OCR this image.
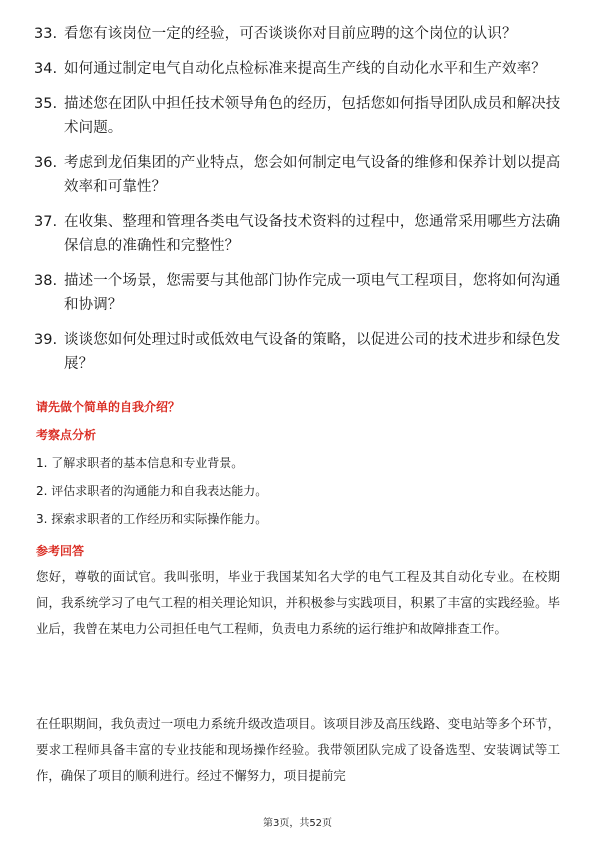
33. 看您有该岗位一定的经验，可否谈谈你对目前应聘的这个岗位的认识？
34. 如何通过制定电气自动化点检标准来提高生产线的自动化水平和生产效率？
35. 描述您在团队中担任技术领导角色的经历，包括您如何指导团队成员和解决技术问题。
36. 考虑到龙佰集团的产业特点，您会如何制定电气设备的维修和保养计划以提高效率和可靠性？
37. 在收集、整理和管理各类电气设备技术资料的过程中，您通常采用哪些方法确保信息的准确性和完整性？
38. 描述一个场景，您需要与其他部门协作完成一项电气工程项目，您将如何沟通和协调？
39. 谈谈您如何处理过时或低效电气设备的策略，以促进公司的技术进步和绿色发展？
请先做个简单的自我介绍？
考察点分析
1. 了解求职者的基本信息和专业背景。
2. 评估求职者的沟通能力和自我表达能力。
3. 探索求职者的工作经历和实际操作能力。
参考回答
您好，尊敬的面试官。我叫张明，毕业于我国某知名大学的电气工程及其自动化专业。在校期间，我系统学习了电气工程的相关理论知识，并积极参与实践项目，积累了丰富的实践经验。毕业后，我曾在某电力公司担任电气工程师，负责电力系统的运行维护和故障排查工作。
在任职期间，我负责过一项电力系统升级改造项目。该项目涉及高压线路、变电站等多个环节，要求工程师具备丰富的专业技能和现场操作经验。我带领团队完成了设备选型、安装调试等工作，确保了项目的顺利进行。经过不懈努力，项目提前完
第3页，共52页
